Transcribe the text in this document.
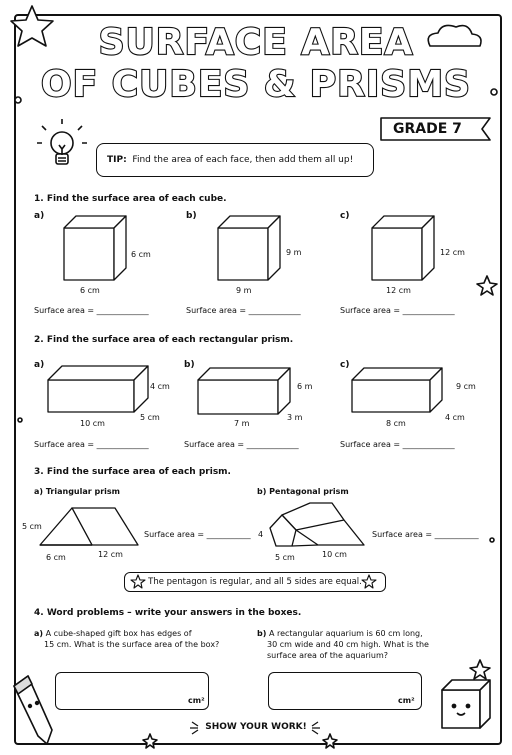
SURFACE AREA
OF CUBES & PRISMS
GRADE 7
TIP: Find the area of each face, then add them all up!
1. Find the surface area of each cube.
a)	b)	c)
6 cm
6 cm
9 m
9 m
12 cm
12 cm
Surface area = _____________	Surface area = _____________	Surface area = _____________
2. Find the surface area of each rectangular prism.
a)	b)	c)
4 cm
10 cm
5 cm
6 m
7 m
3 m
9 cm
8 cm
4 cm
Surface area = _____________	Surface area = _____________	Surface area = _____________
3. Find the surface area of each prism.
a) Triangular prism	b) Pentagonal prism
5 cm
6 cm	12 cm
Surface area = ___________ 4
5 cm	10 cm
Surface area = ___________
The pentagon is regular, and all 5 sides are equal.
4. Word problems – write your answers in the boxes.
a) A cube-shaped gift box has edges of
15 cm. What is the surface area of the box?
b) A rectangular aquarium is 60 cm long,
30 cm wide and 40 cm high. What is the
surface area of the aquarium?
cm²	cm²
SHOW YOUR WORK!
